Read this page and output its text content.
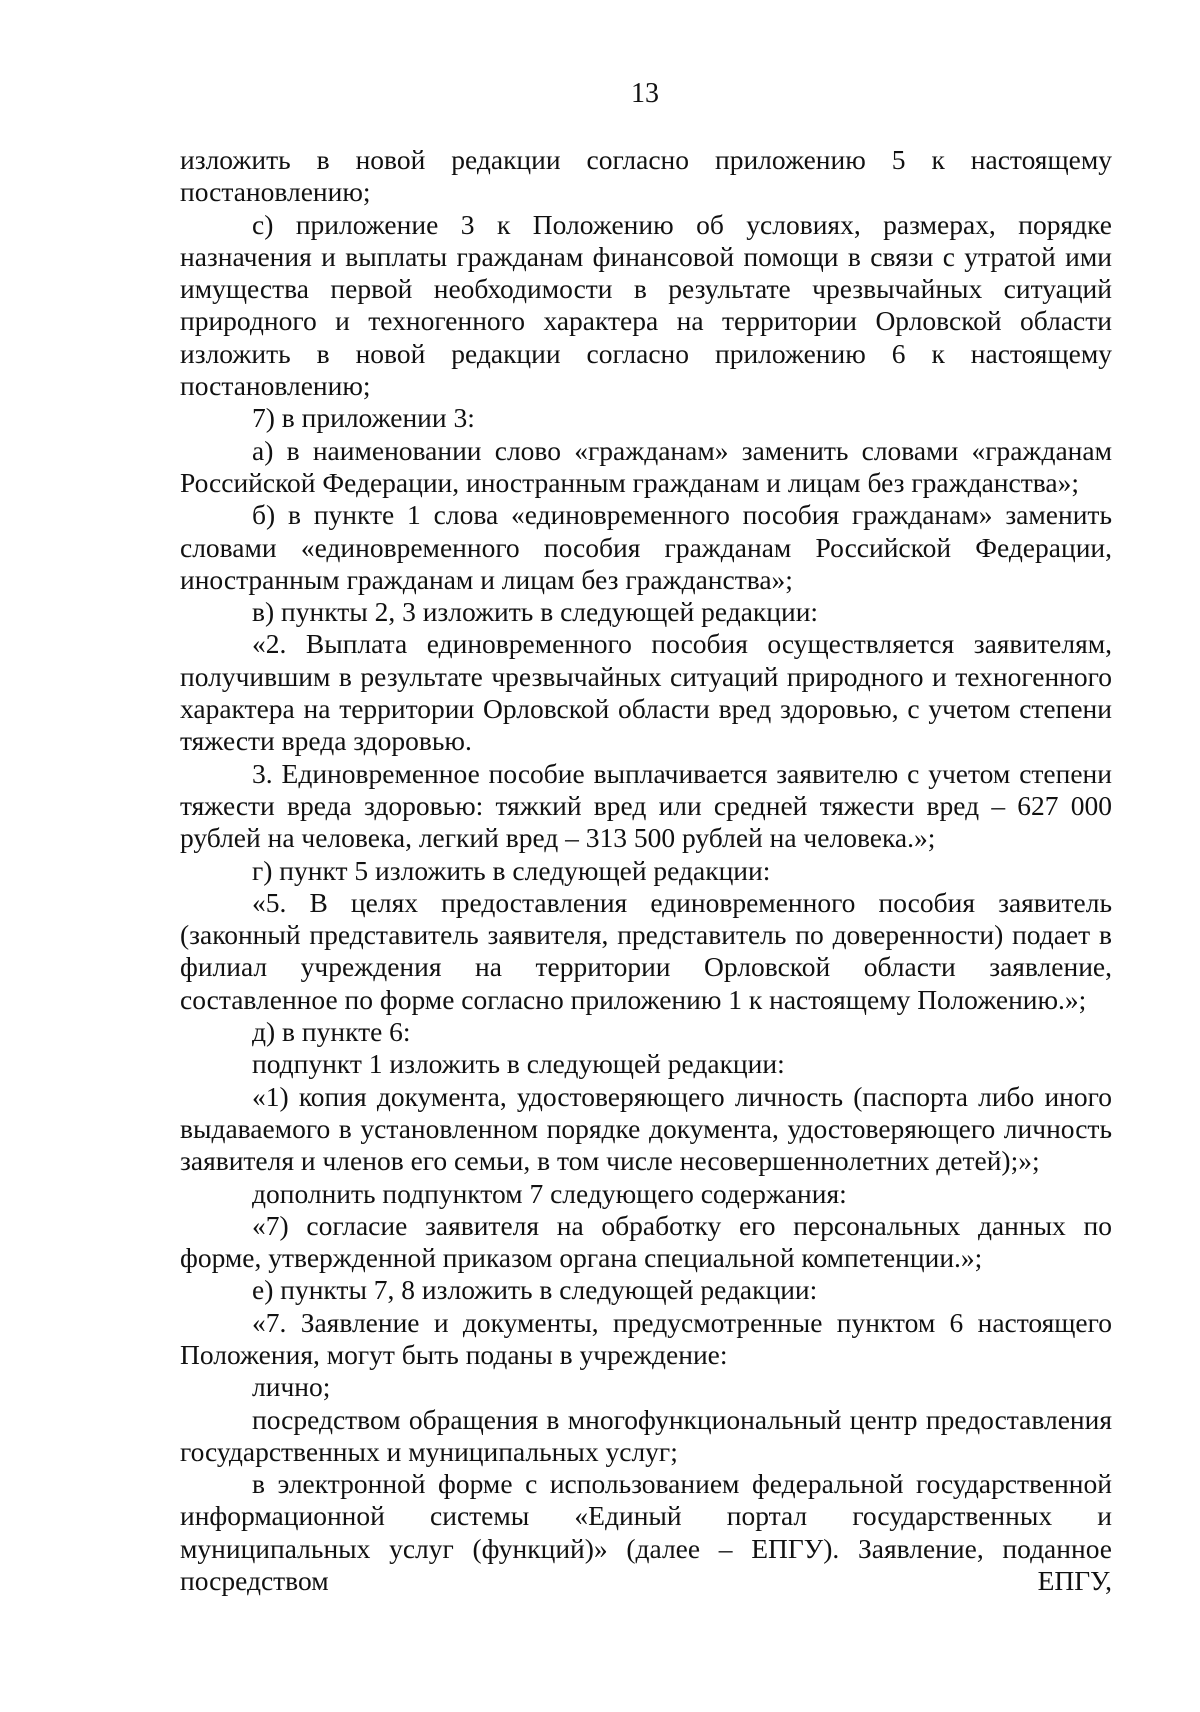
13

изложить в новой редакции согласно приложению 5 к настоящему постановлению;

с) приложение 3 к Положению об условиях, размерах, порядке назначения и выплаты гражданам финансовой помощи в связи с утратой ими имущества первой необходимости в результате чрезвычайных ситуаций природного и техногенного характера на территории Орловской области изложить в новой редакции согласно приложению 6 к настоящему постановлению;

7) в приложении 3:

а) в наименовании слово «гражданам» заменить словами «гражданам Российской Федерации, иностранным гражданам и лицам без гражданства»;

б) в пункте 1 слова «единовременного пособия гражданам» заменить словами «единовременного пособия гражданам Российской Федерации, иностранным гражданам и лицам без гражданства»;

в) пункты 2, 3 изложить в следующей редакции:

«2. Выплата единовременного пособия осуществляется заявителям, получившим в результате чрезвычайных ситуаций природного и техногенного характера на территории Орловской области вред здоровью, с учетом степени тяжести вреда здоровью.

3. Единовременное пособие выплачивается заявителю с учетом степени тяжести вреда здоровью: тяжкий вред или средней тяжести вред – 627 000 рублей на человека, легкий вред – 313 500 рублей на человека.»;

г) пункт 5 изложить в следующей редакции:

«5. В целях предоставления единовременного пособия заявитель (законный представитель заявителя, представитель по доверенности) подает в филиал учреждения на территории Орловской области заявление, составленное по форме согласно приложению 1 к настоящему Положению.»;

д) в пункте 6:

подпункт 1 изложить в следующей редакции:

«1) копия документа, удостоверяющего личность (паспорта либо иного выдаваемого в установленном порядке документа, удостоверяющего личность заявителя и членов его семьи, в том числе несовершеннолетних детей);»;

дополнить подпунктом 7 следующего содержания:

«7) согласие заявителя на обработку его персональных данных по форме, утвержденной приказом органа специальной компетенции.»;

е) пункты 7, 8 изложить в следующей редакции:

«7. Заявление и документы, предусмотренные пунктом 6 настоящего Положения, могут быть поданы в учреждение:

лично;

посредством обращения в многофункциональный центр предоставления государственных и муниципальных услуг;

в электронной форме с использованием федеральной государственной информационной системы «Единый портал государственных и муниципальных услуг (функций)» (далее – ЕПГУ). Заявление, поданное посредством ЕПГУ,
